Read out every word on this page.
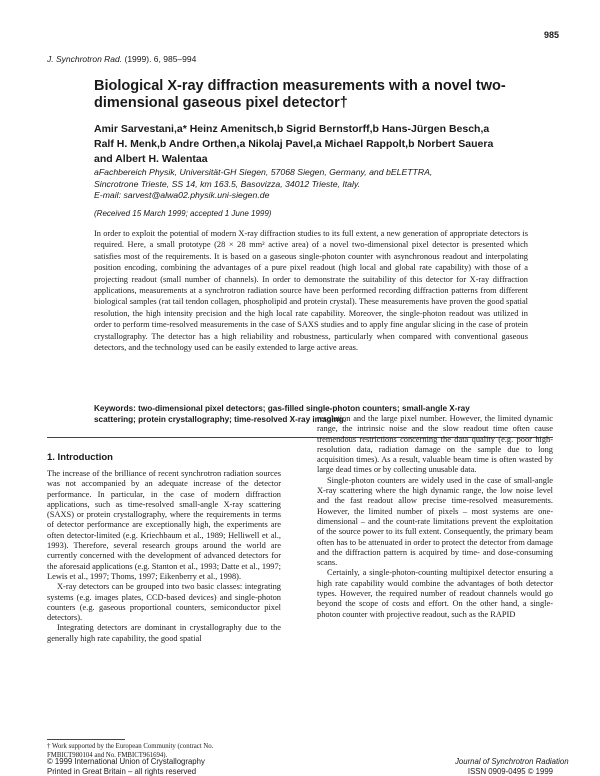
985
J. Synchrotron Rad. (1999). 6, 985–994
Biological X-ray diffraction measurements with a novel two-
dimensional gaseous pixel detector†
Amir Sarvestani,a* Heinz Amenitsch,b Sigrid Bernstorff,b Hans-Jürgen Besch,a
Ralf H. Menk,b Andre Orthen,a Nikolaj Pavel,a Michael Rappolt,b Norbert Sauera
and Albert H. Walentaa
aFachbereich Physik, Universität-GH Siegen, 57068 Siegen, Germany, and bELETTRA,
Sincrotrone Trieste, SS 14, km 163.5, Basovizza, 34012 Trieste, Italy.
E-mail: sarvest@alwa02.physik.uni-siegen.de
(Received 15 March 1999; accepted 1 June 1999)
In order to exploit the potential of modern X-ray diffraction studies to its full extent, a new generation of appropriate detectors is required. Here, a small prototype (28 × 28 mm² active area) of a novel two-dimensional pixel detector is presented which satisfies most of the requirements. It is based on a gaseous single-photon counter with asynchronous readout and interpolating position encoding, combining the advantages of a pure pixel readout (high local and global rate capability) with those of a projecting readout (small number of channels). In order to demonstrate the suitability of this detector for X-ray diffraction applications, measurements at a synchrotron radiation source have been performed recording diffraction patterns from different biological samples (rat tail tendon collagen, phospholipid and protein crystal). These measurements have proven the good spatial resolution, the high intensity precision and the high local rate capability. Moreover, the single-photon readout was utilized in order to perform time-resolved measurements in the case of SAXS studies and to apply fine angular slicing in the case of protein crystallography. The detector has a high reliability and robustness, particularly when compared with conventional gaseous detectors, and the technology used can be easily extended to large active areas.
Keywords: two-dimensional pixel detectors; gas-filled single-photon counters; small-angle X-ray
scattering; protein crystallography; time-resolved X-ray imaging.
1. Introduction

The increase of the brilliance of recent synchrotron radiation sources was not accompanied by an adequate increase of the detector performance. In particular, in the case of modern diffraction applications, such as time-resolved small-angle X-ray scattering (SAXS) or protein crystallography, where the requirements in terms of detector performance are exceptionally high, the experiments are often detector-limited (e.g. Kriechbaum et al., 1989; Helliwell et al., 1993). Therefore, several research groups around the world are currently concerned with the development of advanced detectors for the aforesaid applications (e.g. Stanton et al., 1993; Datte et al., 1997; Lewis et al., 1997; Thoms, 1997; Eikenberry et al., 1998).

X-ray detectors can be grouped into two basic classes: integrating systems (e.g. images plates, CCD-based devices) and single-photon counters (e.g. gaseous proportional counters, semiconductor pixel detectors).

Integrating detectors are dominant in crystallography due to the generally high rate capability, the good spatial

resolution and the large pixel number. However, the limited dynamic range, the intrinsic noise and the slow readout time often cause tremendous restrictions concerning the data quality (e.g. poor high-resolution data, radiation damage on the sample due to long acquisition times). As a result, valuable beam time is often wasted by large dead times or by collecting unusable data.

Single-photon counters are widely used in the case of small-angle X-ray scattering where the high dynamic range, the low noise level and the fast readout allow precise time-resolved measurements. However, the limited number of pixels – most systems are one-dimensional – and the count-rate limitations prevent the exploitation of the source power to its full extent. Consequently, the primary beam often has to be attenuated in order to protect the detector from damage and the diffraction pattern is acquired by time- and dose-consuming scans.

Certainly, a single-photon-counting multipixel detector ensuring a high rate capability would combine the advantages of both detector types. However, the required number of readout channels would go beyond the scope of costs and effort. On the other hand, a single-photon counter with projective readout, such as the RAPID

† Work supported by the European Community (contract No.
FMBICT980104 and No. FMBICT961694).
© 1999 International Union of Crystallography
Printed in Great Britain – all rights reserved
Journal of Synchrotron Radiation
ISSN 0909-0495 © 1999
